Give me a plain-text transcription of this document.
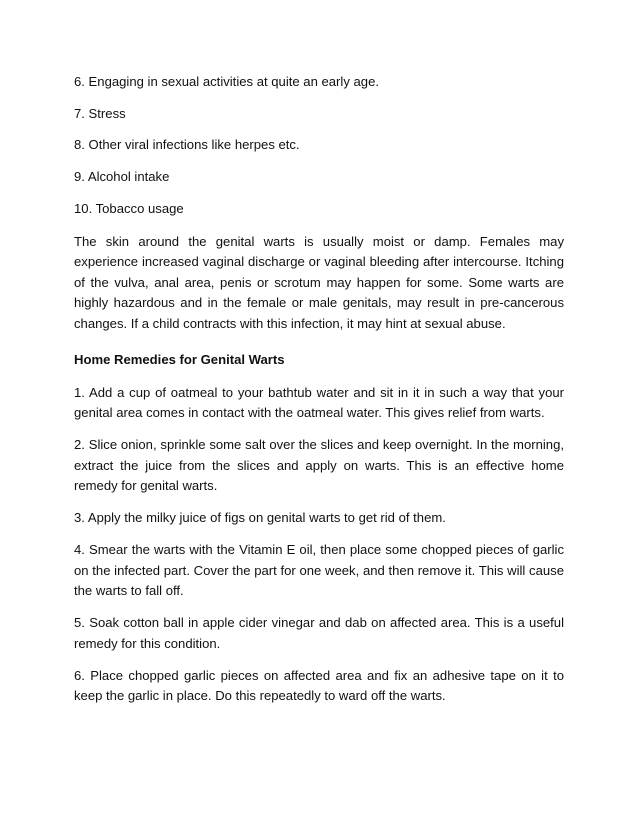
6. Engaging in sexual activities at quite an early age.
7. Stress
8. Other viral infections like herpes etc.
9. Alcohol intake
10. Tobacco usage

The skin around the genital warts is usually moist or damp. Females may experience increased vaginal discharge or vaginal bleeding after intercourse. Itching of the vulva, anal area, penis or scrotum may happen for some. Some warts are highly hazardous and in the female or male genitals, may result in pre-cancerous changes. If a child contracts with this infection, it may hint at sexual abuse.

Home Remedies for Genital Warts

1. Add a cup of oatmeal to your bathtub water and sit in it in such a way that your genital area comes in contact with the oatmeal water. This gives relief from warts.

2. Slice onion, sprinkle some salt over the slices and keep overnight. In the morning, extract the juice from the slices and apply on warts. This is an effective home remedy for genital warts.

3. Apply the milky juice of figs on genital warts to get rid of them.

4. Smear the warts with the Vitamin E oil, then place some chopped pieces of garlic on the infected part. Cover the part for one week, and then remove it. This will cause the warts to fall off.

5. Soak cotton ball in apple cider vinegar and dab on affected area. This is a useful remedy for this condition.

6. Place chopped garlic pieces on affected area and fix an adhesive tape on it to keep the garlic in place. Do this repeatedly to ward off the warts.
